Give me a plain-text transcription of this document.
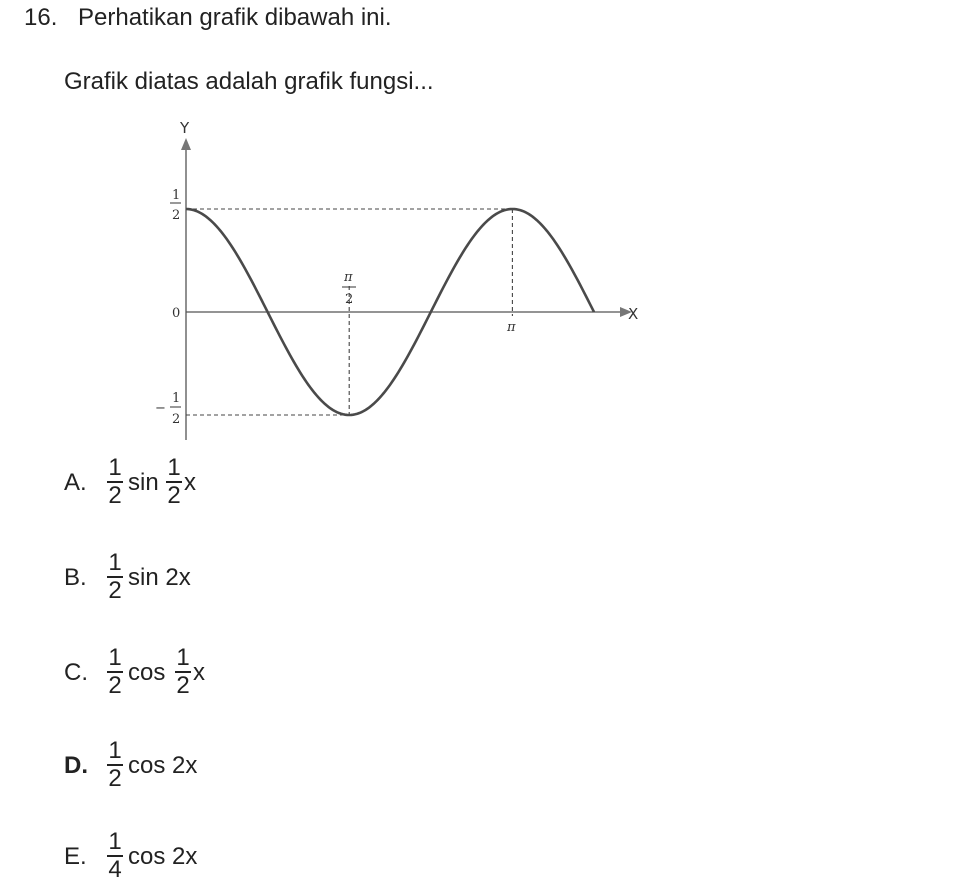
16. Perhatikan grafik dibawah ini.
Grafik diatas adalah grafik fungsi...
Y
X
1
2
0
−
1
2
π
2
π
A.
1
2 sin
1
2 x
B.
1
2 sin 2x
C.
1
2 cos
1
2 x
D.
1
2 cos 2x
E.
1
4 cos 2x
